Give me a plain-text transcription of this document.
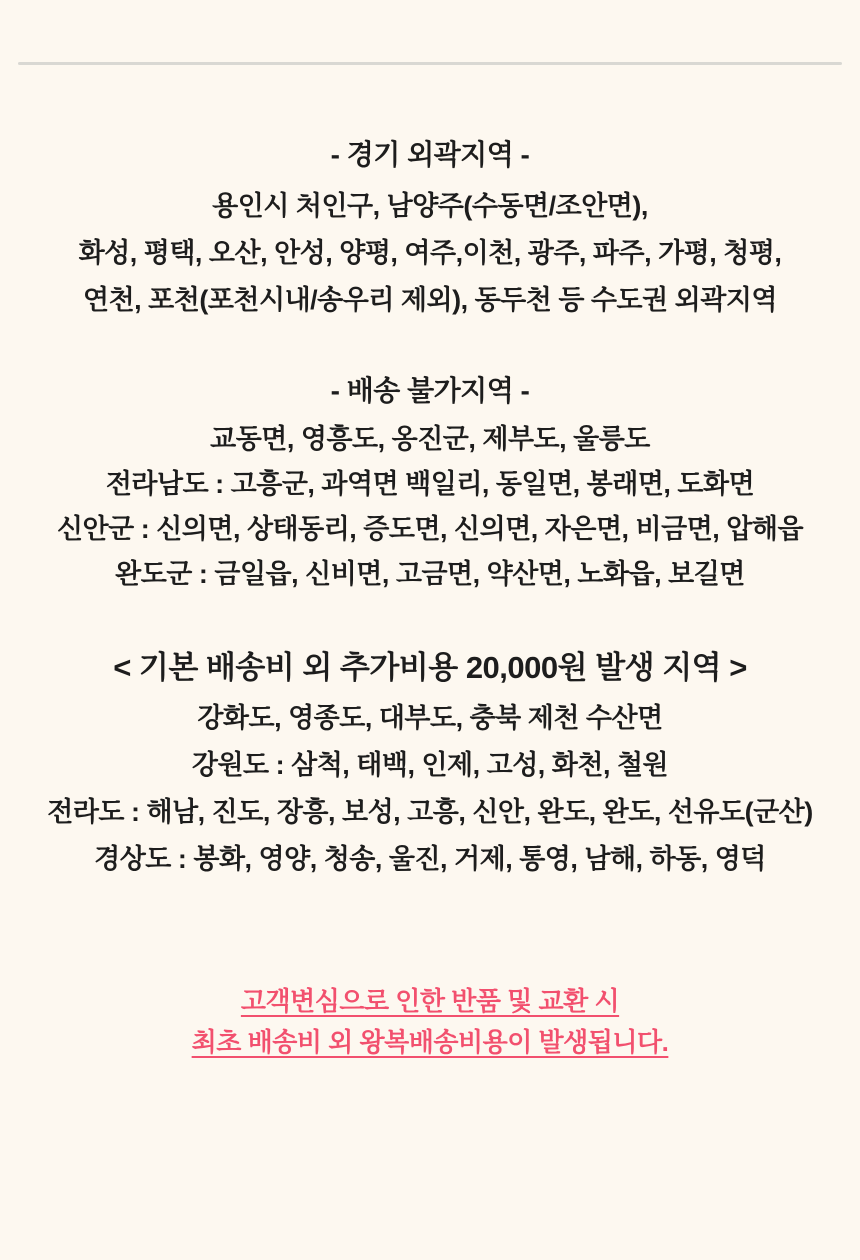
- 경기 외곽지역 -

용인시 처인구, 남양주(수동면/조안면),

화성, 평택, 오산, 안성, 양평, 여주,이천, 광주, 파주, 가평, 청평,

연천, 포천(포천시내/송우리 제외), 동두천 등 수도권 외곽지역

- 배송 불가지역 -

교동면, 영흥도, 옹진군, 제부도, 울릉도

전라남도 : 고흥군, 과역면 백일리, 동일면, 봉래면, 도화면

신안군 : 신의면, 상태동리, 증도면, 신의면, 자은면, 비금면, 압해읍

완도군 : 금일읍, 신비면, 고금면, 약산면, 노화읍, 보길면

< 기본 배송비 외 추가비용 20,000원 발생 지역 >

강화도, 영종도, 대부도, 충북 제천 수산면

강원도 : 삼척, 태백, 인제, 고성, 화천, 철원

전라도 : 해남, 진도, 장흥, 보성, 고흥, 신안, 완도, 완도, 선유도(군산)

경상도 : 봉화, 영양, 청송, 울진, 거제, 통영, 남해, 하동, 영덕

고객변심으로 인한 반품 및 교환 시

최초 배송비 외 왕복배송비용이 발생됩니다.
